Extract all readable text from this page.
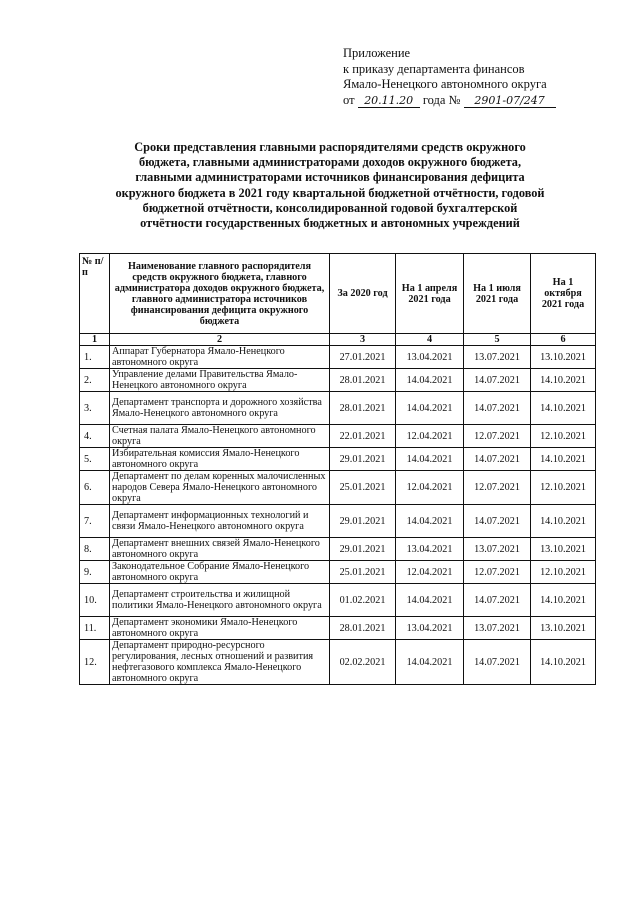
Приложение
к приказу департамента финансов
Ямало-Ненецкого автономного округа
от 20.11.20 года № 2901-07/247
Сроки представления главными распорядителями средств окружного
бюджета, главными администраторами доходов окружного бюджета,
главными администраторами источников финансирования дефицита
окружного бюджета в 2021 году квартальной бюджетной отчётности, годовой
бюджетной отчётности, консолидированной годовой бухгалтерской
отчётности государственных бюджетных и автономных учреждений
№ п/п	Наименование главного распорядителя средств окружного бюджета, главного администратора доходов окружного бюджета, главного администратора источников финансирования дефицита окружного бюджета	За 2020 год	На 1 апреля 2021 года	На 1 июля 2021 года	На 1 октября 2021 года
1	2	3	4	5	6
1.	Аппарат Губернатора Ямало-Ненецкого автономного округа	27.01.2021	13.04.2021	13.07.2021	13.10.2021
2.	Управление делами Правительства Ямало-Ненецкого автономного округа	28.01.2021	14.04.2021	14.07.2021	14.10.2021
3.	Департамент транспорта и дорожного хозяйства Ямало-Ненецкого автономного округа	28.01.2021	14.04.2021	14.07.2021	14.10.2021
4.	Счетная палата Ямало-Ненецкого автономного округа	22.01.2021	12.04.2021	12.07.2021	12.10.2021
5.	Избирательная комиссия Ямало-Ненецкого автономного округа	29.01.2021	14.04.2021	14.07.2021	14.10.2021
6.	Департамент по делам коренных малочисленных народов Севера Ямало-Ненецкого автономного округа	25.01.2021	12.04.2021	12.07.2021	12.10.2021
7.	Департамент информационных технологий и связи Ямало-Ненецкого автономного округа	29.01.2021	14.04.2021	14.07.2021	14.10.2021
8.	Департамент внешних связей Ямало-Ненецкого автономного округа	29.01.2021	13.04.2021	13.07.2021	13.10.2021
9.	Законодательное Собрание Ямало-Ненецкого автономного округа	25.01.2021	12.04.2021	12.07.2021	12.10.2021
10.	Департамент строительства и жилищной политики Ямало-Ненецкого автономного округа	01.02.2021	14.04.2021	14.07.2021	14.10.2021
11.	Департамент экономики Ямало-Ненецкого автономного округа	28.01.2021	13.04.2021	13.07.2021	13.10.2021
12.	Департамент природно-ресурсного регулирования, лесных отношений и развития нефтегазового комплекса Ямало-Ненецкого автономного округа	02.02.2021	14.04.2021	14.07.2021	14.10.2021
